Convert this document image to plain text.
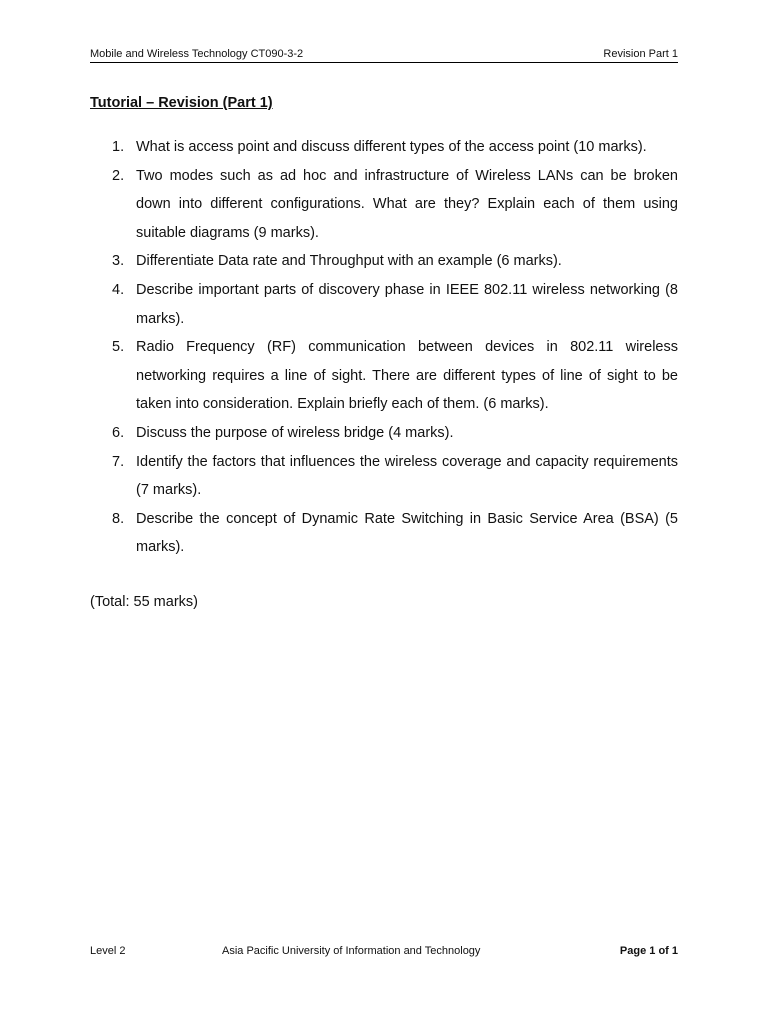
Mobile and Wireless Technology CT090-3-2	Revision Part 1
Tutorial – Revision (Part 1)
1. What is access point and discuss different types of the access point (10 marks).
2. Two modes such as ad hoc and infrastructure of Wireless LANs can be broken down into different configurations. What are they? Explain each of them using suitable diagrams (9 marks).
3. Differentiate Data rate and Throughput with an example (6 marks).
4. Describe important parts of discovery phase in IEEE 802.11 wireless networking (8 marks).
5. Radio Frequency (RF) communication between devices in 802.11 wireless networking requires a line of sight. There are different types of line of sight to be taken into consideration. Explain briefly each of them. (6 marks).
6. Discuss the purpose of wireless bridge (4 marks).
7. Identify the factors that influences the wireless coverage and capacity requirements (7 marks).
8. Describe the concept of Dynamic Rate Switching in Basic Service Area (BSA) (5 marks).
(Total: 55 marks)
Level 2	Asia Pacific University of Information and Technology	Page 1 of 1
